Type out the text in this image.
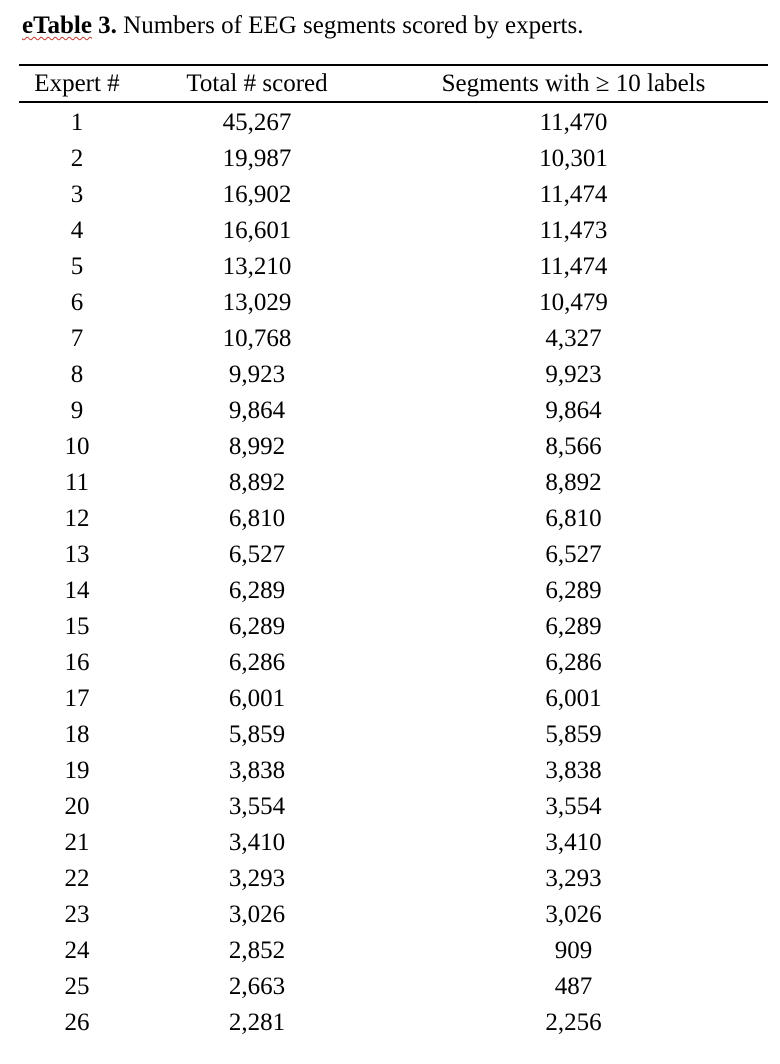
eTable 3. Numbers of EEG segments scored by experts.
Expert #	Total # scored	Segments with ≥ 10 labels
1	45,267	11,470
2	19,987	10,301
3	16,902	11,474
4	16,601	11,473
5	13,210	11,474
6	13,029	10,479
7	10,768	4,327
8	9,923	9,923
9	9,864	9,864
10	8,992	8,566
11	8,892	8,892
12	6,810	6,810
13	6,527	6,527
14	6,289	6,289
15	6,289	6,289
16	6,286	6,286
17	6,001	6,001
18	5,859	5,859
19	3,838	3,838
20	3,554	3,554
21	3,410	3,410
22	3,293	3,293
23	3,026	3,026
24	2,852	909
25	2,663	487
26	2,281	2,256
